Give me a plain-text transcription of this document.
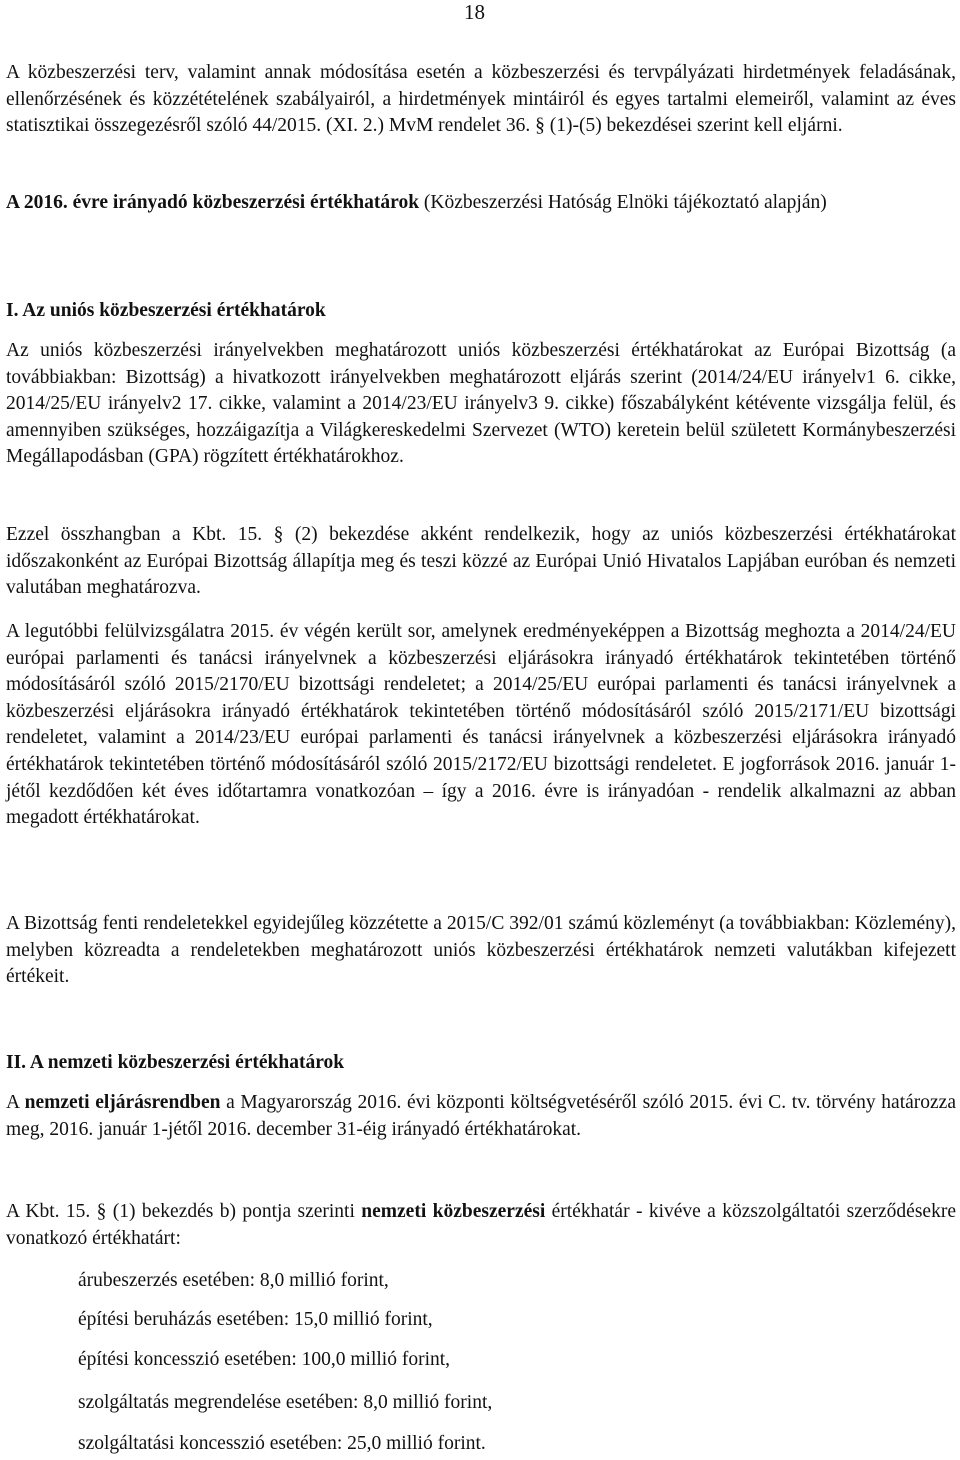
18

A közbeszerzési terv, valamint annak módosítása esetén a közbeszerzési és tervpályázati hirdetmények feladásának, ellenőrzésének és közzétételének szabályairól, a hirdetmények mintáiról és egyes tartalmi elemeiről, valamint az éves statisztikai összegezésről szóló 44/2015. (XI. 2.) MvM rendelet 36. § (1)-(5) bekezdései szerint kell eljárni.

A 2016. évre irányadó közbeszerzési értékhatárok (Közbeszerzési Hatóság Elnöki tájékoztató alapján)

I. Az uniós közbeszerzési értékhatárok

Az uniós közbeszerzési irányelvekben meghatározott uniós közbeszerzési értékhatárokat az Európai Bizottság (a továbbiakban: Bizottság) a hivatkozott irányelvekben meghatározott eljárás szerint (2014/24/EU irányelv1 6. cikke, 2014/25/EU irányelv2 17. cikke, valamint a 2014/23/EU irányelv3 9. cikke) főszabályként kétévente vizsgálja felül, és amennyiben szükséges, hozzáigazítja a Világkereskedelmi Szervezet (WTO) keretein belül született Kormánybeszerzési Megállapodásban (GPA) rögzített értékhatárokhoz.

Ezzel összhangban a Kbt. 15. § (2) bekezdése akként rendelkezik, hogy az uniós közbeszerzési értékhatárokat időszakonként az Európai Bizottság állapítja meg és teszi közzé az Európai Unió Hivatalos Lapjában euróban és nemzeti valutában meghatározva.

A legutóbbi felülvizsgálatra 2015. év végén került sor, amelynek eredményeképpen a Bizottság meghozta a 2014/24/EU európai parlamenti és tanácsi irányelvnek a közbeszerzési eljárásokra irányadó értékhatárok tekintetében történő módosításáról szóló 2015/2170/EU bizottsági rendeletet; a 2014/25/EU európai parlamenti és tanácsi irányelvnek a közbeszerzési eljárásokra irányadó értékhatárok tekintetében történő módosításáról szóló 2015/2171/EU bizottsági rendeletet, valamint a 2014/23/EU európai parlamenti és tanácsi irányelvnek a közbeszerzési eljárásokra irányadó értékhatárok tekintetében történő módosításáról szóló 2015/2172/EU bizottsági rendeletet. E jogforrások 2016. január 1-jétől kezdődően két éves időtartamra vonatkozóan – így a 2016. évre is irányadóan - rendelik alkalmazni az abban megadott értékhatárokat.

A Bizottság fenti rendeletekkel egyidejűleg közzétette a 2015/C 392/01 számú közleményt (a továbbiakban: Közlemény), melyben közreadta a rendeletekben meghatározott uniós közbeszerzési értékhatárok nemzeti valutákban kifejezett értékeit.

II. A nemzeti közbeszerzési értékhatárok

A nemzeti eljárásrendben a Magyarország 2016. évi központi költségvetéséről szóló 2015. évi C. tv. törvény határozza meg, 2016. január 1-jétől 2016. december 31-éig irányadó értékhatárokat.

A Kbt. 15. § (1) bekezdés b) pontja szerinti nemzeti közbeszerzési értékhatár - kivéve a közszolgáltatói szerződésekre vonatkozó értékhatárt:

árubeszerzés esetében: 8,0 millió forint,

építési beruházás esetében: 15,0 millió forint,

építési koncesszió esetében: 100,0 millió forint,

szolgáltatás megrendelése esetében: 8,0 millió forint,

szolgáltatási koncesszió esetében: 25,0 millió forint.
